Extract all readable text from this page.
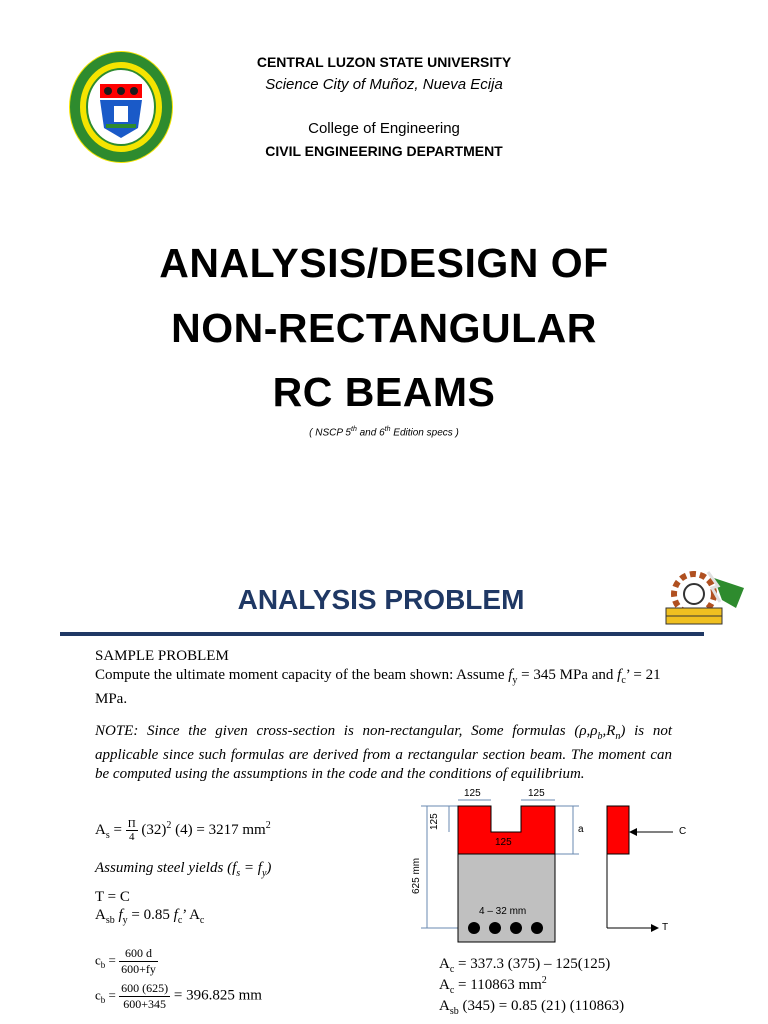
CENTRAL LUZON STATE UNIVERSITY
Science City of Muñoz, Nueva Ecija
College of Engineering
CIVIL ENGINEERING DEPARTMENT
ANALYSIS/DESIGN OF
NON-RECTANGULAR
RC BEAMS
( NSCP 5th and 6th Edition specs )
ANALYSIS PROBLEM
SAMPLE PROBLEM
Compute the ultimate moment capacity of the beam shown: Assume $f_y = 345$ MPa and $f_c$’ = 21 MPa.
NOTE: Since the given cross-section is non-rectangular, Some formulas $(\rho,\rho_b,R_n)$ is not applicable since such formulas are derived from a rectangular section beam. The moment can be computed using the assumptions in the code and the conditions of equilibrium.
$A_s = \frac{\Pi}{4} (32)^2$ (4) = 3217 $mm^2$
Assuming steel yields $(f_s = f_y)$
T = C
$A_{sb}$ $f_y = 0.85$ $f_c$’ $A_c$
$c_b = \frac{600 d}{600+fy}$
$c_b = \frac{600 (625)}{600+345} = 396.825$ mm
125	125
125
625 mm
125
4 – 32 mm
a	C
T
$A_c = 337.3$ (375) – 125(125)
$A_c = 110863$ $mm^2$
$A_{sb}$ (345) = 0.85 (21) (110863)
